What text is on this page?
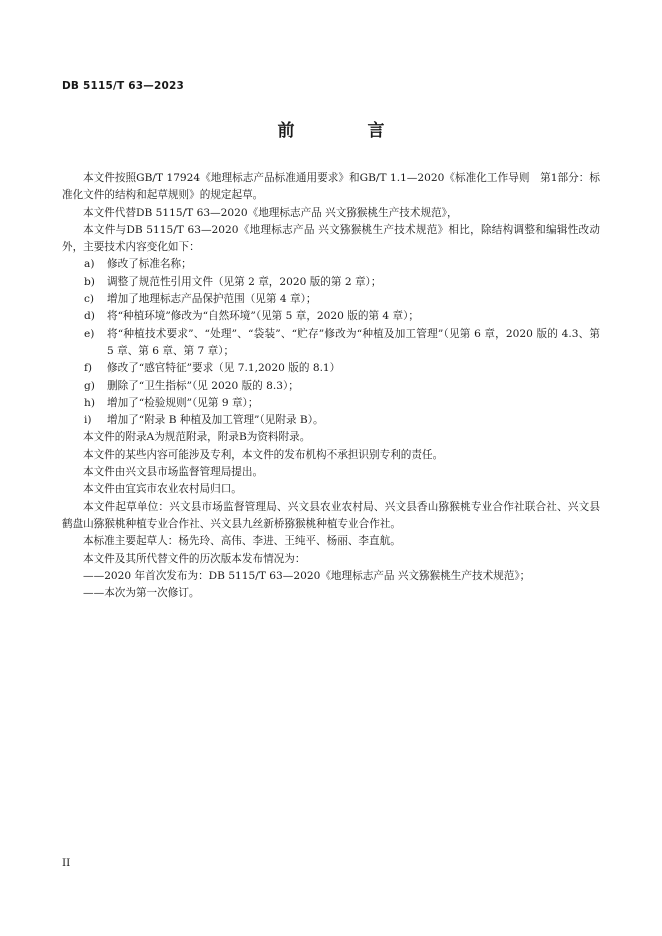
DB 5115/T 63—2023
前　言

本文件按照GB/T 17924《地理标志产品标准通用要求》和GB/T 1.1—2020《标准化工作导则　第1部分：标准化文件的结构和起草规则》的规定起草。

本文件代替DB 5115/T 63—2020《地理标志产品 兴文猕猴桃生产技术规范》，

本文件与DB 5115/T 63—2020《地理标志产品 兴文猕猴桃生产技术规范》相比，除结构调整和编辑性改动外，主要技术内容变化如下：

a) 修改了标准名称；

b) 调整了规范性引用文件（见第 2 章，2020 版的第 2 章）；

c) 增加了地理标志产品保护范围（见第 4 章）；

d) 将“种植环境”修改为“自然环境”（见第 5 章，2020 版的第 4 章）；

e) 将“种植技术要求”、“处理”、“袋装”、“贮存”修改为“种植及加工管理”（见第 6 章，2020 版的 4.3、第 5 章、第 6 章、第 7 章）；

f) 修改了“感官特征”要求（见 7.1,2020 版的 8.1）

g) 删除了“卫生指标”（见 2020 版的 8.3）；

h) 增加了“检验规则”（见第 9 章）；

i) 增加了“附录 B 种植及加工管理”（见附录 B）。

本文件的附录A为规范附录，附录B为资料附录。

本文件的某些内容可能涉及专利，本文件的发布机构不承担识别专利的责任。

本文件由兴文县市场监督管理局提出。

本文件由宜宾市农业农村局归口。

本文件起草单位：兴文县市场监督管理局、兴文县农业农村局、兴文县香山猕猴桃专业合作社联合社、兴文县鹤盘山猕猴桃种植专业合作社、兴文县九丝新桥猕猴桃种植专业合作社。

本标准主要起草人：杨先玲、高伟、李进、王纯平、杨丽、李直航。

本文件及其所代替文件的历次版本发布情况为：

——2020 年首次发布为：DB 5115/T 63—2020《地理标志产品 兴文猕猴桃生产技术规范》；

——本次为第一次修订。

II
